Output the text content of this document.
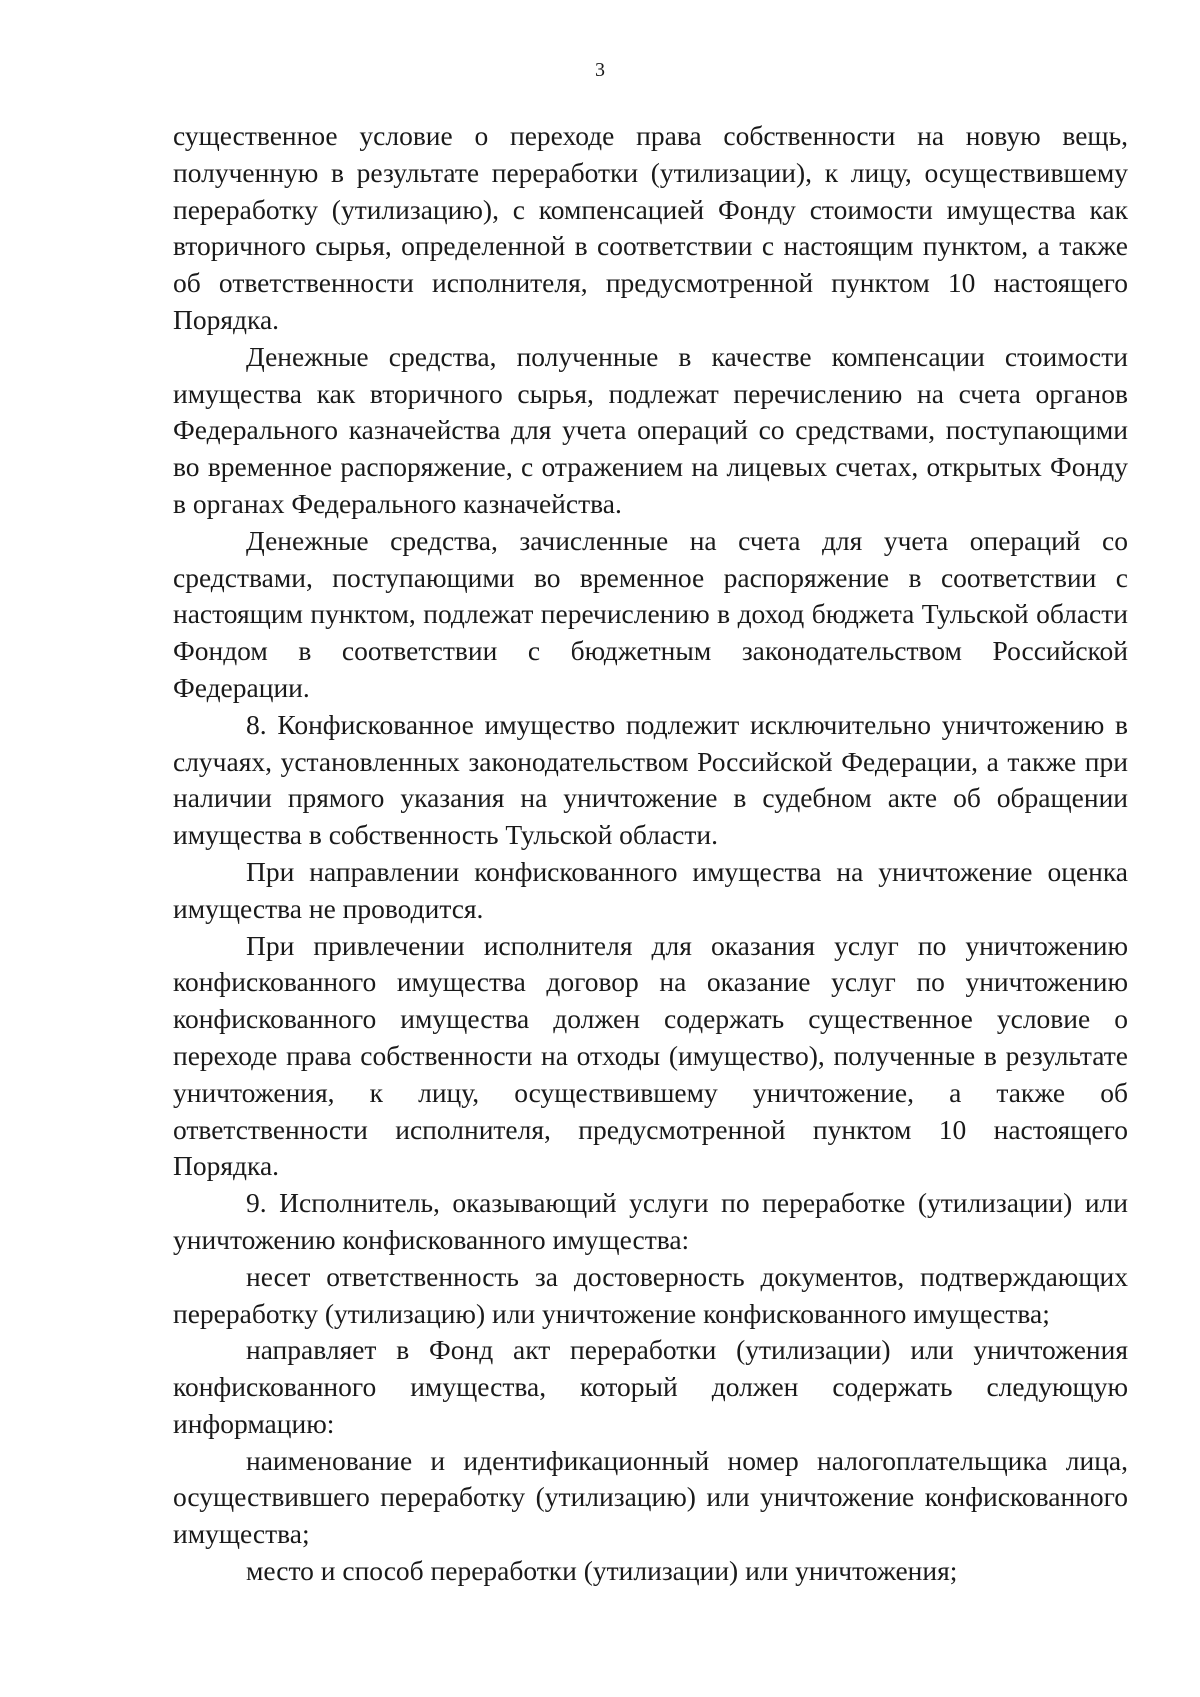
3

существенное условие о переходе права собственности на новую вещь, полученную в результате переработки (утилизации), к лицу, осуществившему переработку (утилизацию), с компенсацией Фонду стоимости имущества как вторичного сырья, определенной в соответствии с настоящим пунктом, а также об ответственности исполнителя, предусмотренной пунктом 10 настоящего Порядка.

Денежные средства, полученные в качестве компенсации стоимости имущества как вторичного сырья, подлежат перечислению на счета органов Федерального казначейства для учета операций со средствами, поступающими во временное распоряжение, с отражением на лицевых счетах, открытых Фонду в органах Федерального казначейства.

Денежные средства, зачисленные на счета для учета операций со средствами, поступающими во временное распоряжение в соответствии с настоящим пунктом, подлежат перечислению в доход бюджета Тульской области Фондом в соответствии с бюджетным законодательством Российской Федерации.

8. Конфискованное имущество подлежит исключительно уничтожению в случаях, установленных законодательством Российской Федерации, а также при наличии прямого указания на уничтожение в судебном акте об обращении имущества в собственность Тульской области.

При направлении конфискованного имущества на уничтожение оценка имущества не проводится.

При привлечении исполнителя для оказания услуг по уничтожению конфискованного имущества договор на оказание услуг по уничтожению конфискованного имущества должен содержать существенное условие о переходе права собственности на отходы (имущество), полученные в результате уничтожения, к лицу, осуществившему уничтожение, а также об ответственности исполнителя, предусмотренной пунктом 10 настоящего Порядка.

9. Исполнитель, оказывающий услуги по переработке (утилизации) или уничтожению конфискованного имущества:

несет ответственность за достоверность документов, подтверждающих переработку (утилизацию) или уничтожение конфискованного имущества;

направляет в Фонд акт переработки (утилизации) или уничтожения конфискованного имущества, который должен содержать следующую информацию:

наименование и идентификационный номер налогоплательщика лица, осуществившего переработку (утилизацию) или уничтожение конфискованного имущества;

место и способ переработки (утилизации) или уничтожения;
